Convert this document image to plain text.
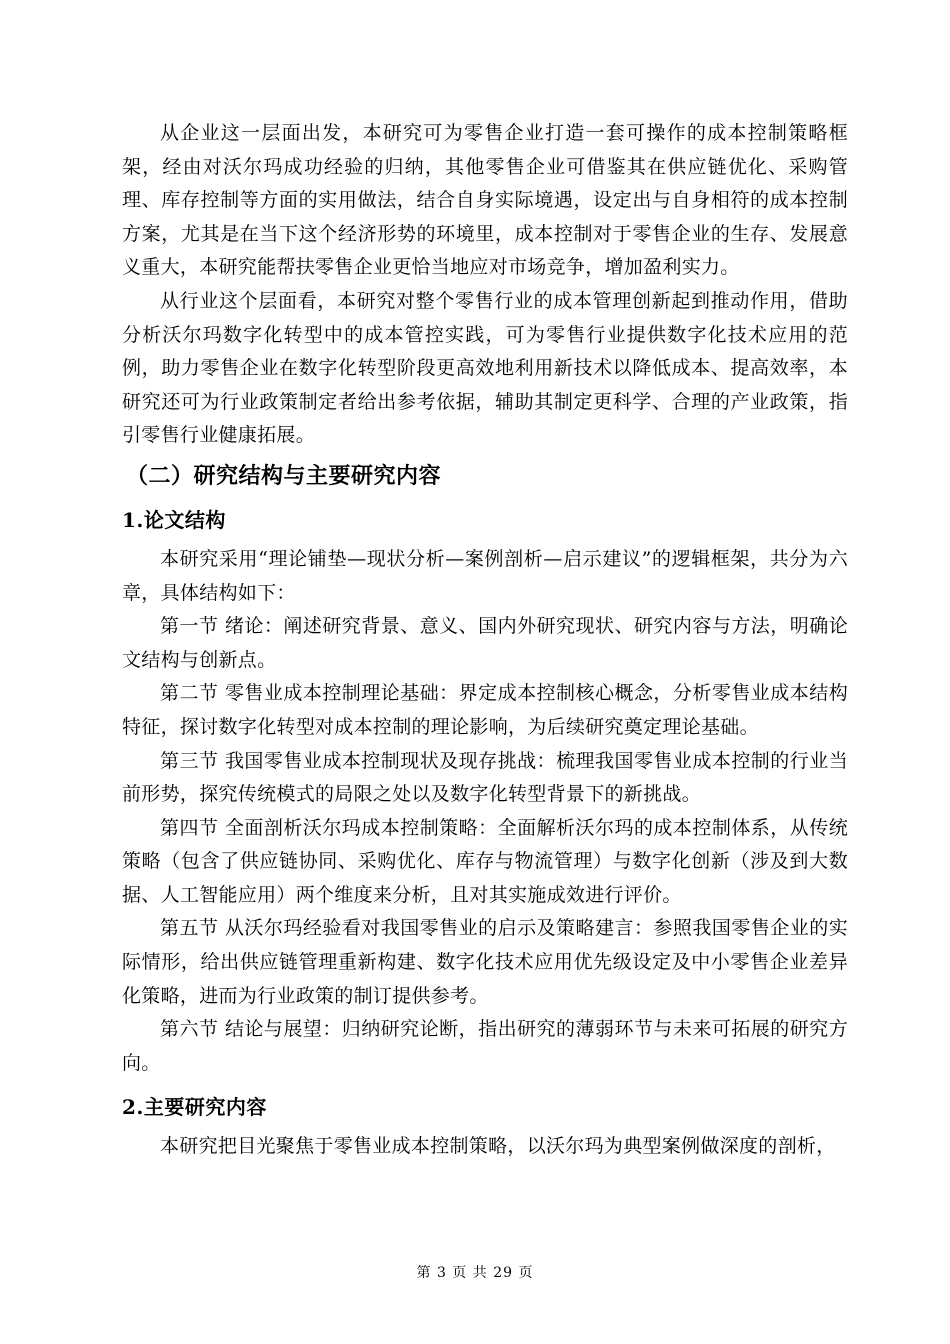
从企业这一层面出发，本研究可为零售企业打造一套可操作的成本控制策略框架，经由对沃尔玛成功经验的归纳，其他零售企业可借鉴其在供应链优化、采购管理、库存控制等方面的实用做法，结合自身实际境遇，设定出与自身相符的成本控制方案，尤其是在当下这个经济形势的环境里，成本控制对于零售企业的生存、发展意义重大，本研究能帮扶零售企业更恰当地应对市场竞争，增加盈利实力。

从行业这个层面看，本研究对整个零售行业的成本管理创新起到推动作用，借助分析沃尔玛数字化转型中的成本管控实践，可为零售行业提供数字化技术应用的范例，助力零售企业在数字化转型阶段更高效地利用新技术以降低成本、提高效率，本研究还可为行业政策制定者给出参考依据，辅助其制定更科学、合理的产业政策，指引零售行业健康拓展。

（二）研究结构与主要研究内容
1.论文结构

本研究采用“理论铺垫—现状分析—案例剖析—启示建议”的逻辑框架，共分为六章，具体结构如下：

第一节 绪论：阐述研究背景、意义、国内外研究现状、研究内容与方法，明确论文结构与创新点。

第二节 零售业成本控制理论基础：界定成本控制核心概念，分析零售业成本结构特征，探讨数字化转型对成本控制的理论影响，为后续研究奠定理论基础。

第三节 我国零售业成本控制现状及现存挑战：梳理我国零售业成本控制的行业当前形势，探究传统模式的局限之处以及数字化转型背景下的新挑战。

第四节 全面剖析沃尔玛成本控制策略：全面解析沃尔玛的成本控制体系，从传统策略（包含了供应链协同、采购优化、库存与物流管理）与数字化创新（涉及到大数据、人工智能应用）两个维度来分析，且对其实施成效进行评价。

第五节 从沃尔玛经验看对我国零售业的启示及策略建言：参照我国零售企业的实际情形，给出供应链管理重新构建、数字化技术应用优先级设定及中小零售企业差异化策略，进而为行业政策的制订提供参考。

第六节 结论与展望：归纳研究论断，指出研究的薄弱环节与未来可拓展的研究方向。

2.主要研究内容

本研究把目光聚焦于零售业成本控制策略，以沃尔玛为典型案例做深度的剖析，

第 3 页 共 29 页
